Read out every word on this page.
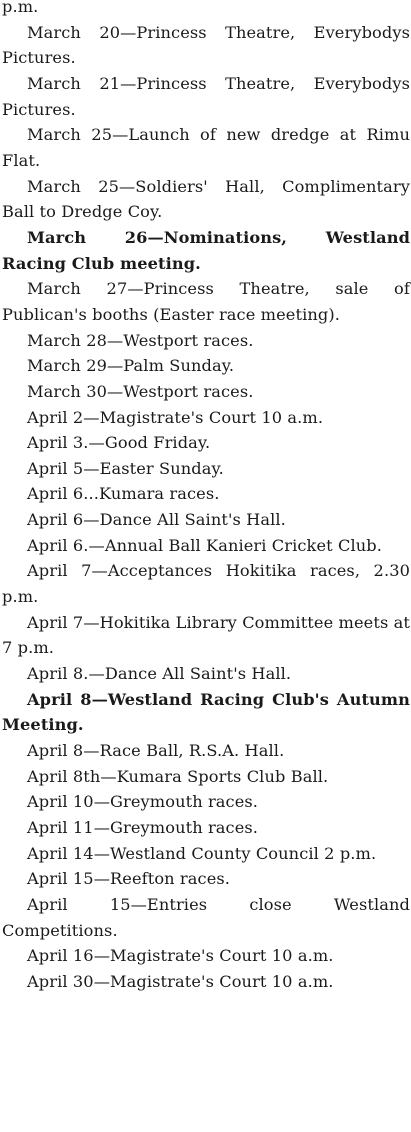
p.m.

March 20—Princess Theatre, Everybodys Pictures.

March 21—Princess Theatre, Everybodys Pictures.

March 25—Launch of new dredge at Rimu Flat.

March 25—Soldiers' Hall, Complimentary Ball to Dredge Coy.

March 26—Nominations, Westland Racing Club meeting.

March 27—Princess Theatre, sale of Publican's booths (Easter race meeting).

March 28—Westport races.

March 29—Palm Sunday.

March 30—Westport races.

April 2—Magistrate's Court 10 a.m.

April 3.—Good Friday.

April 5—Easter Sunday.

April 6...Kumara races.

April 6—Dance All Saint's Hall.

April 6.—Annual Ball Kanieri Cricket Club.

April 7—Acceptances Hokitika races, 2.30 p.m.

April 7—Hokitika Library Committee meets at 7 p.m.

April 8.—Dance All Saint's Hall.

April 8—Westland Racing Club's Autumn Meeting.

April 8—Race Ball, R.S.A. Hall.

April 8th—Kumara Sports Club Ball.

April 10—Greymouth races.

April 11—Greymouth races.

April 14—Westland County Council 2 p.m.

April 15—Reefton races.

April 15—Entries close Westland Competitions.

April 16—Magistrate's Court 10 a.m.

April 30—Magistrate's Court 10 a.m.
